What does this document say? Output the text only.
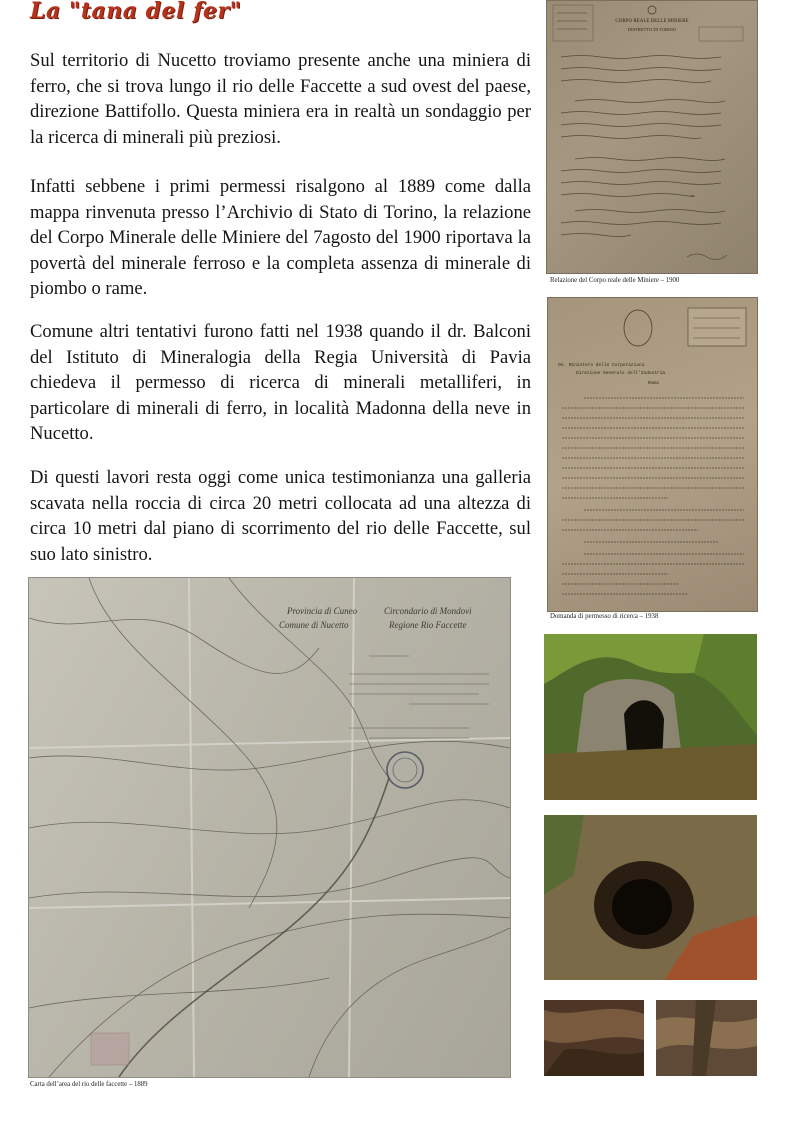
La "tana del fer"

Sul territorio di Nucetto troviamo presente anche una miniera di ferro, che si trova lungo il rio delle Faccette a sud ovest del paese, direzione Battifollo. Questa miniera era in realtà un sondaggio per la ricerca di minerali più preziosi.

Infatti sebbene i primi permessi risalgono al 1889 come dalla mappa rinvenuta presso l’Archivio di Stato di Torino, la relazione del Corpo Minerale delle Miniere del 7agosto del 1900 riportava la povertà del minerale ferroso e la completa assenza di minerale di piombo o rame.

Comune altri tentativi furono fatti nel 1938 quando il dr. Balconi del Istituto di Mineralogia della Regia Università di Pavia chiedeva il permesso di ricerca di minerali metalliferi, in particolare di minerali di ferro, in località Madonna della neve in Nucetto.

Di questi lavori resta oggi come unica testimonianza una galleria scavata nella roccia di circa 20 metri collocata ad una altezza di circa 10 metri dal piano di scorrimento del rio delle Faccette, sul suo lato sinistro.

CORPO REALE DELLE MINIERE
DISTRETTO DI TORINO
Relazione del Corpo reale delle Miniere – 1900
On. Ministero delle Corporazioni
Direzione Generale dell'Industria
Roma
Domanda di permesso di ricerca – 1938
Provincia di Cuneo	Circondario di Mondovì
Comune di Nucetto	Regione Rio Faccette
Carta dell’area del rio delle faccette – 1889
